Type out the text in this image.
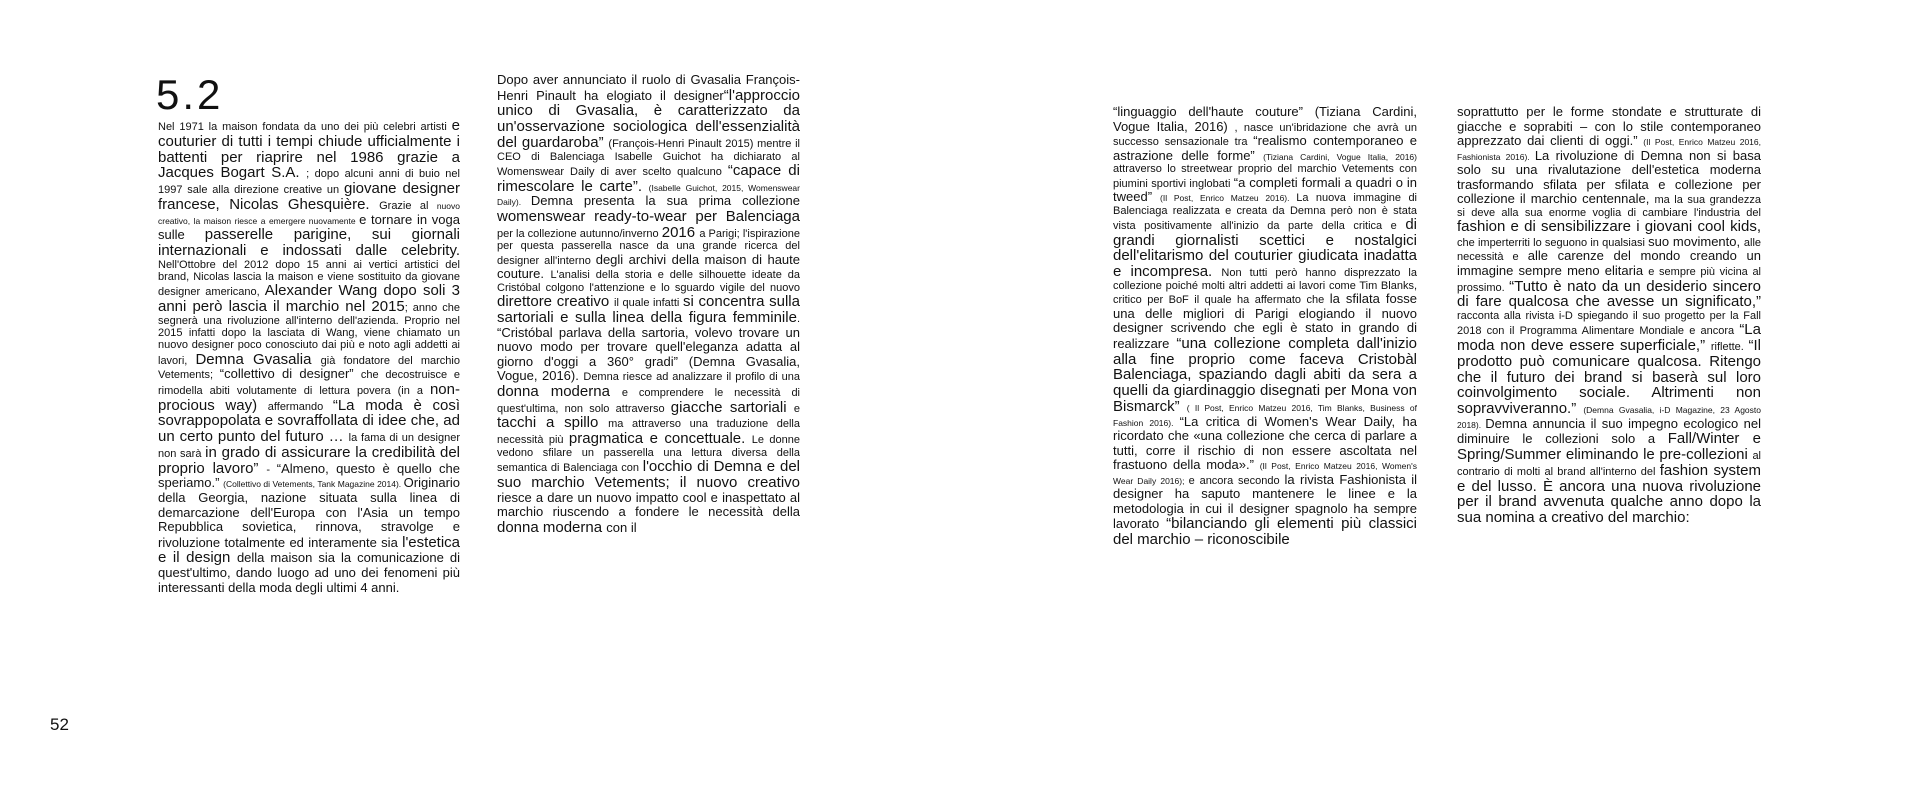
5.2

Nel 1971 la maison fondata da uno dei più celebri artisti e couturier di tutti i tempi chiude ufficialmente i battenti per riaprire nel 1986 grazie a Jacques Bogart S.A. ; dopo alcuni anni di buio nel 1997 sale alla direzione creative un giovane designer francese, Nicolas Ghesquière. Grazie al nuovo creativo, la maison riesce a emergere nuovamente e tornare in voga sulle passerelle parigine, sui giornali internazionali e indossati dalle celebrity. Nell'Ottobre del 2012 dopo 15 anni ai vertici artistici del brand, Nicolas lascia la maison e viene sostituito da giovane designer americano, Alexander Wang dopo soli 3 anni però lascia il marchio nel 2015; anno che segnerà una rivoluzione all'interno dell'azienda. Proprio nel 2015 infatti dopo la lasciata di Wang, viene chiamato un nuovo designer poco conosciuto dai più e noto agli addetti ai lavori, Demna Gvasalia già fondatore del marchio Vetements; “collettivo di designer” che decostruisce e rimodella abiti volutamente di lettura povera (in a non- procious way) affermando “La moda è così sovrappopolata e sovraffollata di idee che, ad un certo punto del futuro … la fama di un designer non sarà in grado di assicurare la credibilità del proprio lavoro” - “Almeno, questo è quello che speriamo.” (Collettivo di Vetements, Tank Magazine 2014). Originario della Georgia, nazione situata sulla linea di demarcazione dell'Europa con l'Asia un tempo Repubblica sovietica, rinnova, stravolge e rivoluzione totalmente ed interamente sia l'estetica e il design della maison sia la comunicazione di quest'ultimo, dando luogo ad uno dei fenomeni più interessanti della moda degli ultimi 4 anni.

Dopo aver annunciato il ruolo di Gvasalia François-Henri Pinault ha elogiato il designer“l'approccio unico di Gvasalia, è caratterizzato da un'osservazione sociologica dell'essenzialità del guardaroba” (François-Henri Pinault 2015) mentre il CEO di Balenciaga Isabelle Guichot ha dichiarato al Womenswear Daily di aver scelto qualcuno “capace di rimescolare le carte”. (Isabelle Guichot, 2015, Womenswear Daily). Demna presenta la sua prima collezione womenswear ready-to-wear per Balenciaga per la collezione autunno/inverno 2016 a Parigi; l'ispirazione per questa passerella nasce da una grande ricerca del designer all'interno degli archivi della maison di haute couture. L'analisi della storia e delle silhouette ideate da Cristóbal colgono l'attenzione e lo sguardo vigile del nuovo direttore creativo il quale infatti si concentra sulla sartoriali e sulla linea della figura femminile. “Cristóbal parlava della sartoria, volevo trovare un nuovo modo per trovare quell'eleganza adatta al giorno d'oggi a 360° gradi” (Demna Gvasalia, Vogue, 2016). Demna riesce ad analizzare il profilo di una donna moderna e comprendere le necessità di quest'ultima, non solo attraverso giacche sartoriali e tacchi a spillo ma attraverso una traduzione della necessità più pragmatica e concettuale. Le donne vedono sfilare un passerella una lettura diversa della semantica di Balenciaga con l'occhio di Demna e del suo marchio Vetements; il nuovo creativo riesce a dare un nuovo impatto cool e inaspettato al marchio riuscendo a fondere le necessità della donna moderna con il

“linguaggio dell'haute couture” (Tiziana Cardini, Vogue Italia, 2016) , nasce un'ibridazione che avrà un successo sensazionale tra “realismo contemporaneo e astrazione delle forme” (Tiziana Cardini, Vogue Italia, 2016) attraverso lo streetwear proprio del marchio Vetements con piumini sportivi inglobati “a completi formali a quadri o in tweed” (Il Post, Enrico Matzeu 2016). La nuova immagine di Balenciaga realizzata e creata da Demna però non è stata vista positivamente all'inizio da parte della critica e di grandi giornalisti scettici e nostalgici dell'elitarismo del couturier giudicata inadatta e incompresa. Non tutti però hanno disprezzato la collezione poiché molti altri addetti ai lavori come Tim Blanks, critico per BoF il quale ha affermato che la sfilata fosse una delle migliori di Parigi elogiando il nuovo designer scrivendo che egli è stato in grando di realizzare “una collezione completa dall'inizio alla fine proprio come faceva Cristobàl Balenciaga, spaziando dagli abiti da sera a quelli da giardinaggio disegnati per Mona von Bismarck” ( Il Post, Enrico Matzeu 2016, Tim Blanks, Business of Fashion 2016). “La critica di Women's Wear Daily, ha ricordato che «una collezione che cerca di parlare a tutti, corre il rischio di non essere ascoltata nel frastuono della moda».” (Il Post, Enrico Matzeu 2016, Women's Wear Daily 2016); e ancora secondo la rivista Fashionista il designer ha saputo mantenere le linee e la metodologia in cui il designer spagnolo ha sempre lavorato “bilanciando gli elementi più classici del marchio – riconoscibile

soprattutto per le forme stondate e strutturate di giacche e soprabiti – con lo stile contemporaneo apprezzato dai clienti di oggi.” (Il Post, Enrico Matzeu 2016, Fashionista 2016). La rivoluzione di Demna non si basa solo su una rivalutazione dell'estetica moderna trasformando sfilata per sfilata e collezione per collezione il marchio centennale, ma la sua grandezza si deve alla sua enorme voglia di cambiare l'industria del fashion e di sensibilizzare i giovani cool kids, che imperterriti lo seguono in qualsiasi suo movimento, alle necessità e alle carenze del mondo creando un immagine sempre meno elitaria e sempre più vicina al prossimo. “Tutto è nato da un desiderio sincero di fare qualcosa che avesse un significato,” racconta alla rivista i-D spiegando il suo progetto per la Fall 2018 con il Programma Alimentare Mondiale e ancora “La moda non deve essere superficiale,” riflette. “Il prodotto può comunicare qualcosa. Ritengo che il futuro dei brand si baserà sul loro coinvolgimento sociale. Altrimenti non sopravviveranno.” (Demna Gvasalia, i-D Magazine, 23 Agosto 2018). Demna annuncia il suo impegno ecologico nel diminuire le collezioni solo a Fall/Winter e Spring/Summer eliminando le pre-collezioni al contrario di molti al brand all'interno del fashion system e del lusso. È ancora una nuova rivoluzione per il brand avvenuta qualche anno dopo la sua nomina a creativo del marchio:

52
